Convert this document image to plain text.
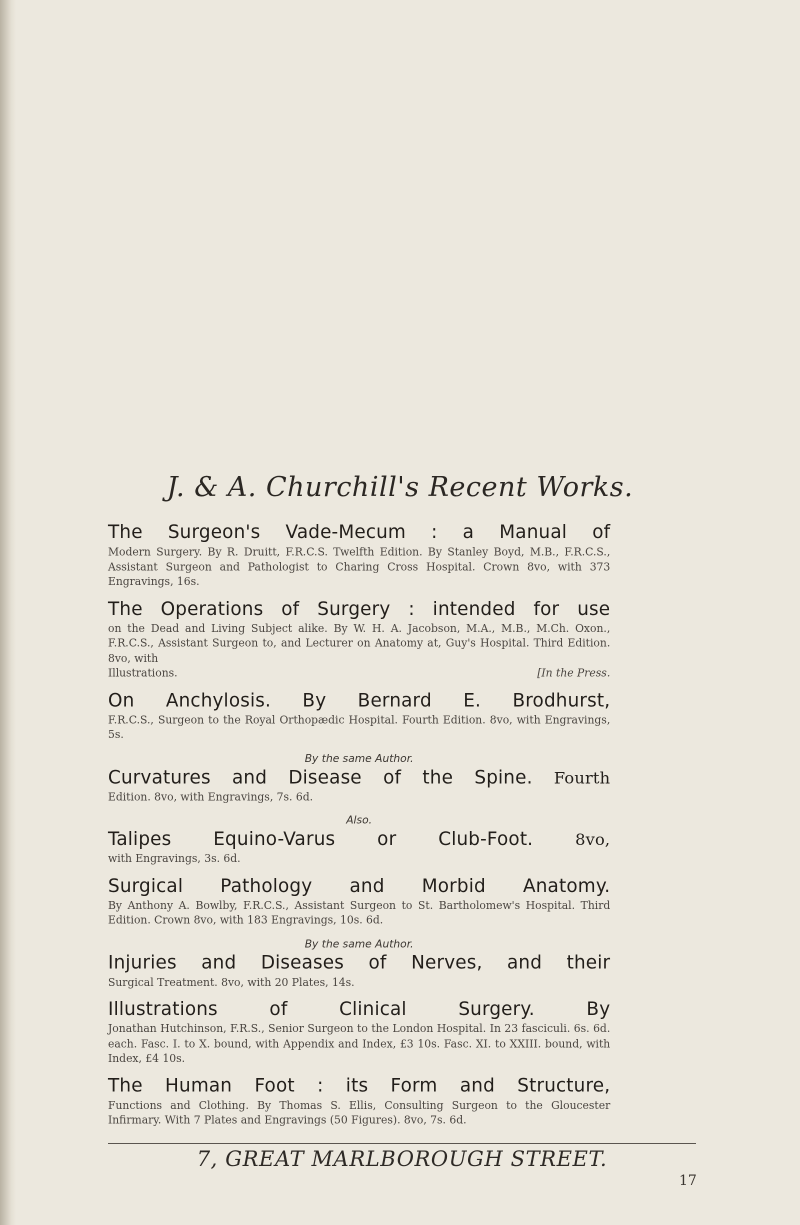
J. & A. Churchill's Recent Works.
The Surgeon's Vade-Mecum : a Manual of
Modern Surgery. By R. Druitt, F.R.C.S. Twelfth Edition. By Stanley Boyd, M.B., F.R.C.S., Assistant Surgeon and Pathologist to Charing Cross Hospital. Crown 8vo, with 373 Engravings, 16s.
The Operations of Surgery : intended for use
on the Dead and Living Subject alike. By W. H. A. Jacobson, M.A., M.B., M.Ch. Oxon., F.R.C.S., Assistant Surgeon to, and Lecturer on Anatomy at, Guy's Hospital. Third Edition. 8vo, with
Illustrations.	[In the Press.
On Anchylosis. By Bernard E. Brodhurst,
F.R.C.S., Surgeon to the Royal Orthopædic Hospital. Fourth Edition. 8vo, with Engravings, 5s.
By the same Author.
Curvatures and Disease of the Spine. Fourth
Edition. 8vo, with Engravings, 7s. 6d.
Also.
Talipes Equino-Varus or Club-Foot. 8vo,
with Engravings, 3s. 6d.
Surgical Pathology and Morbid Anatomy.
By Anthony A. Bowlby, F.R.C.S., Assistant Surgeon to St. Bartholomew's Hospital. Third Edition. Crown 8vo, with 183 Engravings, 10s. 6d.
By the same Author.
Injuries and Diseases of Nerves, and their
Surgical Treatment. 8vo, with 20 Plates, 14s.
Illustrations of Clinical Surgery. By
Jonathan Hutchinson, F.R.S., Senior Surgeon to the London Hospital. In 23 fasciculi. 6s. 6d. each. Fasc. I. to X. bound, with Appendix and Index, £3 10s. Fasc. XI. to XXIII. bound, with Index, £4 10s.
The Human Foot : its Form and Structure,
Functions and Clothing. By Thomas S. Ellis, Consulting Surgeon to the Gloucester Infirmary. With 7 Plates and Engravings (50 Figures). 8vo, 7s. 6d.
7, GREAT MARLBOROUGH STREET.
17
